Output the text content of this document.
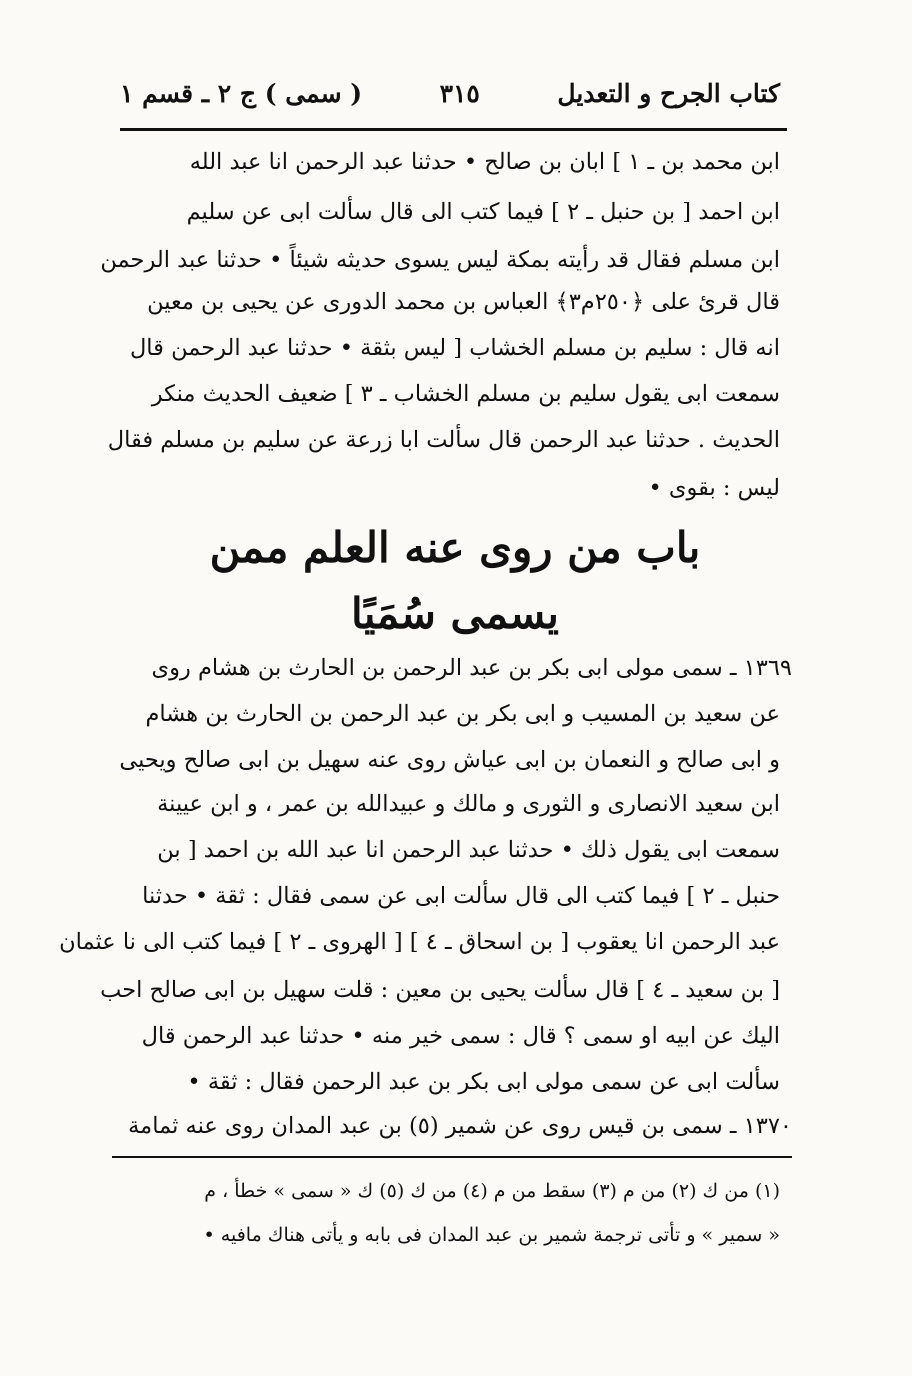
كتاب الجرح و التعديل
٣١٥
( سمی ) ج ٢ ـ قسم ١
ابن محمد بن ـ ١ ] ابان بن صالح • حدثنا عبد الرحمن انا عبد الله
ابن احمد [ بن حنبل ـ ٢ ] فیما کتب الی قال سألت ابی عن سلیم
ابن مسلم فقال قد رأیته بمکة لیس یسوی حدیثه شیئاً • حدثنا عبد الرحمن
قال قرئ علی ﴿٢٥٠م٣﴾ العباس بن محمد الدوری عن یحیی بن معین
انه قال : سلیم بن مسلم الخشاب [ لیس بثقة • حدثنا عبد الرحمن قال
سمعت ابی یقول سلیم بن مسلم الخشاب ـ ٣ ] ضعیف الحدیث منکر
الحدیث . حدثنا عبد الرحمن قال سألت ابا زرعة عن سلیم بن مسلم فقال
لیس : بقوی •
باب من روى عنه العلم ممن
يسمى سُمَيًا
١٣٦٩ ـ سمی مولی ابی بکر بن عبد الرحمن بن الحارث بن هشام روی
عن سعید بن المسیب و ابی بکر بن عبد الرحمن بن الحارث بن هشام
و ابی صالح و النعمان بن ابی عیاش روی عنه سهیل بن ابی صالح ویحیی
ابن سعید الانصاری و الثوری و مالك و عبیدالله بن عمر ، و ابن عیینة
سمعت ابی یقول ذلك • حدثنا عبد الرحمن انا عبد الله بن احمد [ بن
حنبل ـ ٢ ] فیما کتب الی قال سألت ابی عن سمی فقال : ثقة • حدثنا
عبد الرحمن انا یعقوب [ بن اسحاق ـ ٤ ] [ الهروی ـ ٢ ] فیما کتب الی نا عثمان
[ بن سعید ـ ٤ ] قال سألت یحیی بن معین : قلت سهیل بن ابی صالح احب
الیك عن ابیه او سمی ؟ قال : سمی خیر منه • حدثنا عبد الرحمن قال
سألت ابی عن سمی مولی ابی بکر بن عبد الرحمن فقال : ثقة •
١٣٧٠ ـ سمی بن قیس روی عن شمیر (٥) بن عبد المدان روی عنه ثمامة
(١) من ك (٢) من م (٣) سقط من م (٤) من ك (٥) ك « سمی » خطأ ، م
« سمیر » و تأتی ترجمة شمیر بن عبد المدان فی بابه و یأتی هناك مافیه •
